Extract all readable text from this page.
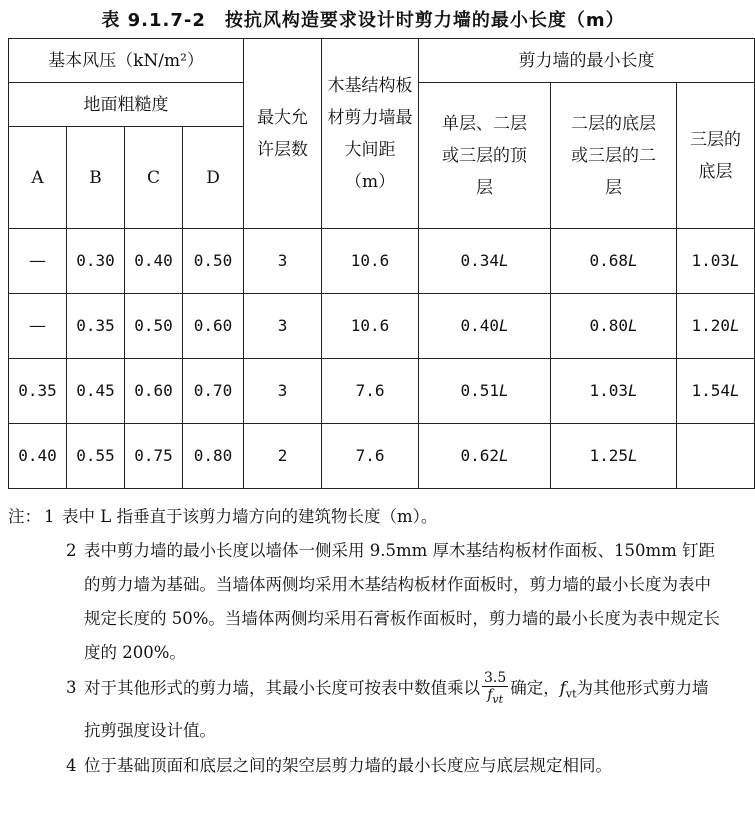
表 9.1.7-2　按抗风构造要求设计时剪力墙的最小长度（m）
基本风压（kN/m²）				最大允许层数	木基结构板材剪力墙最大间距（m）	剪力墙的最小长度		
地面粗糙度						单层、二层或三层的顶层	二层的底层或三层的二层	三层的底层

A	B	C	D					
—	0.30	0.40	0.50	3	10.6	0.34L	0.68L	1.03L
—	0.35	0.50	0.60	3	10.6	0.40L	0.80L	1.20L
0.35	0.45	0.60	0.70	3	7.6	0.51L	1.03L	1.54L
0.40	0.55	0.75	0.80	2	7.6	0.62L	1.25L	
注： 1 表中 L 指垂直于该剪力墙方向的建筑物长度（m）。
2 表中剪力墙的最小长度以墙体一侧采用 9.5mm 厚木基结构板材作面板、150mm 钉距的剪力墙为基础。当墙体两侧均采用木基结构板材作面板时，剪力墙的最小长度为表中规定长度的 50%。当墙体两侧均采用石膏板作面板时，剪力墙的最小长度为表中规定长度的 200%。
3 对于其他形式的剪力墙，其最小长度可按表中数值乘以 $\frac{3.5}{f_{vt}}$ 确定，$f_{vt}$为其他形式剪力墙抗剪强度设计值。
4 位于基础顶面和底层之间的架空层剪力墙的最小长度应与底层规定相同。
